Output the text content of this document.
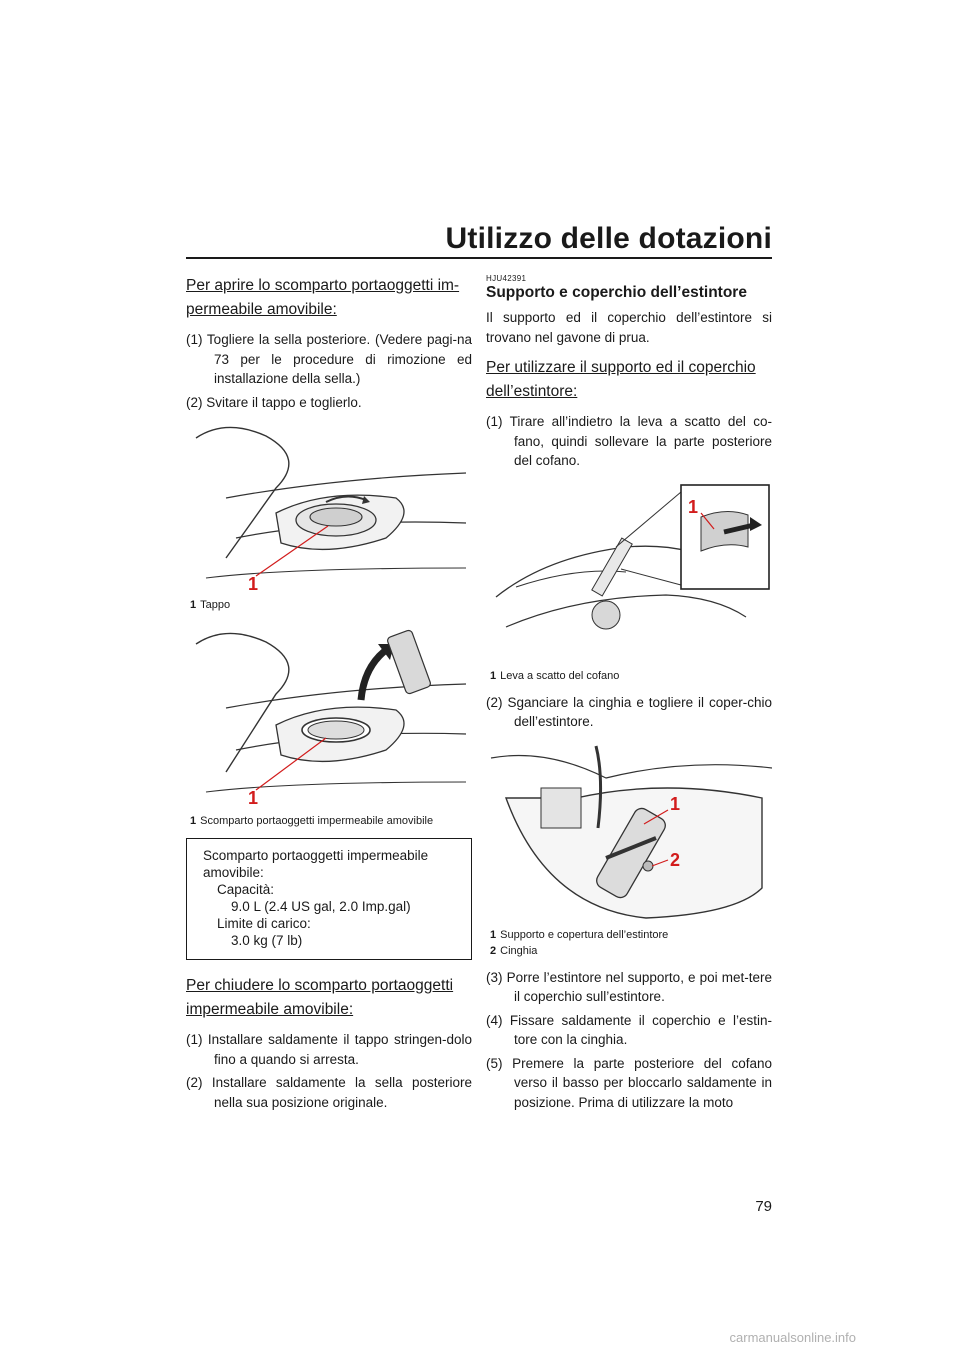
Utilizzo delle dotazioni
79
Per aprire lo scomparto portaoggetti im-permeabile amovibile:

(1) Togliere la sella posteriore. (Vedere pagi-na 73 per le procedure di rimozione ed installazione della sella.)

(2) Svitare il tappo e toglierlo.

1
1 Tappo
1
1 Scomparto portaoggetti impermeabile amovibile
Scomparto portaoggetti impermeabile
amovibile:
Capacità:
9.0 L (2.4 US gal, 2.0 Imp.gal)
Limite di carico:
3.0 kg (7 lb)
Per chiudere lo scomparto portaoggetti impermeabile amovibile:

(1) Installare saldamente il tappo stringen-dolo fino a quando si arresta.

(2) Installare saldamente la sella posteriore nella sua posizione originale.

HJU42391
Supporto e coperchio dell’estintore

Il supporto ed il coperchio dell’estintore si trovano nel gavone di prua.

Per utilizzare il supporto ed il coperchio dell’estintore:

(1) Tirare all’indietro la leva a scatto del co-fano, quindi sollevare la parte posteriore del cofano.

1
1 Leva a scatto del cofano

(2) Sganciare la cinghia e togliere il coper-chio dell’estintore.

1
2
1 Supporto e copertura dell’estintore
2 Cinghia

(3) Porre l’estintore nel supporto, e poi met-tere il coperchio sull’estintore.

(4) Fissare saldamente il coperchio e l’estin-tore con la cinghia.

(5) Premere la parte posteriore del cofano verso il basso per bloccarlo saldamente in posizione. Prima di utilizzare la moto

carmanualsonline.info
